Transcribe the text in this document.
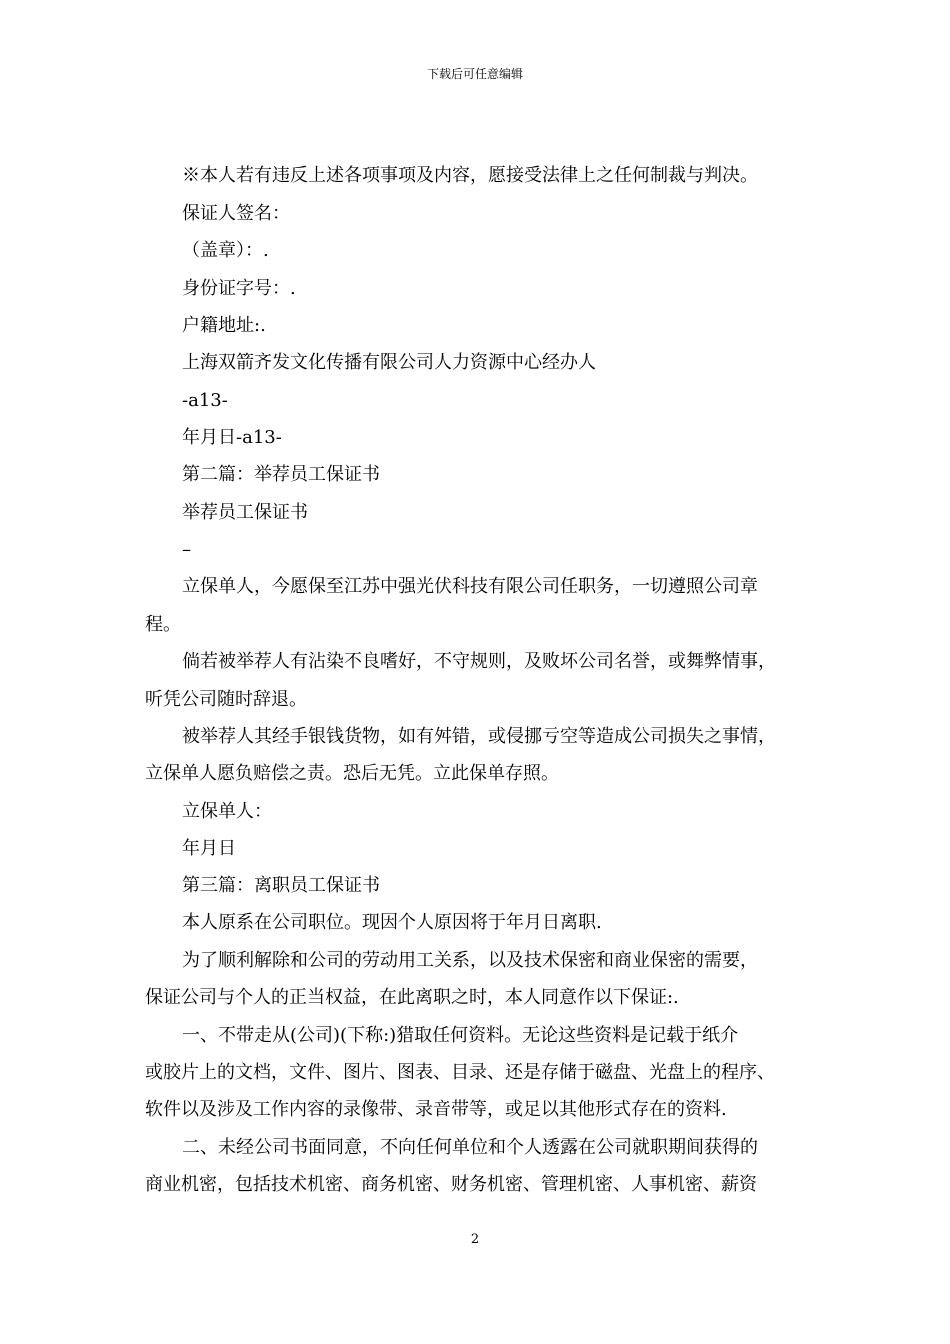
下载后可任意编辑
※本人若有违反上述各项事项及内容，愿接受法律上之任何制裁与判决。
保证人签名：
（盖章）：.
身份证字号：.
户籍地址:.
上海双箭齐发文化传播有限公司人力资源中心经办人
-a13-
年月日-a13-
第二篇：举荐员工保证书
举荐员工保证书
–
立保单人，今愿保至江苏中强光伏科技有限公司任职务，一切遵照公司章
程。
倘若被举荐人有沾染不良嗜好，不守规则，及败坏公司名誉，或舞弊情事，
听凭公司随时辞退。
被举荐人其经手银钱货物，如有舛错，或侵挪亏空等造成公司损失之事情，
立保单人愿负赔偿之责。恐后无凭。立此保单存照。
立保单人：
年月日
第三篇：离职员工保证书
本人原系在公司职位。现因个人原因将于年月日离职.
为了顺利解除和公司的劳动用工关系，以及技术保密和商业保密的需要，
保证公司与个人的正当权益，在此离职之时，本人同意作以下保证:.
一、不带走从(公司)(下称:)猎取任何资料。无论这些资料是记载于纸介
或胶片上的文档，文件、图片、图表、目录、还是存储于磁盘、光盘上的程序、
软件以及涉及工作内容的录像带、录音带等，或足以其他形式存在的资料.
二、未经公司书面同意，不向任何单位和个人透露在公司就职期间获得的
商业机密，包括技术机密、商务机密、财务机密、管理机密、人事机密、薪资
2
